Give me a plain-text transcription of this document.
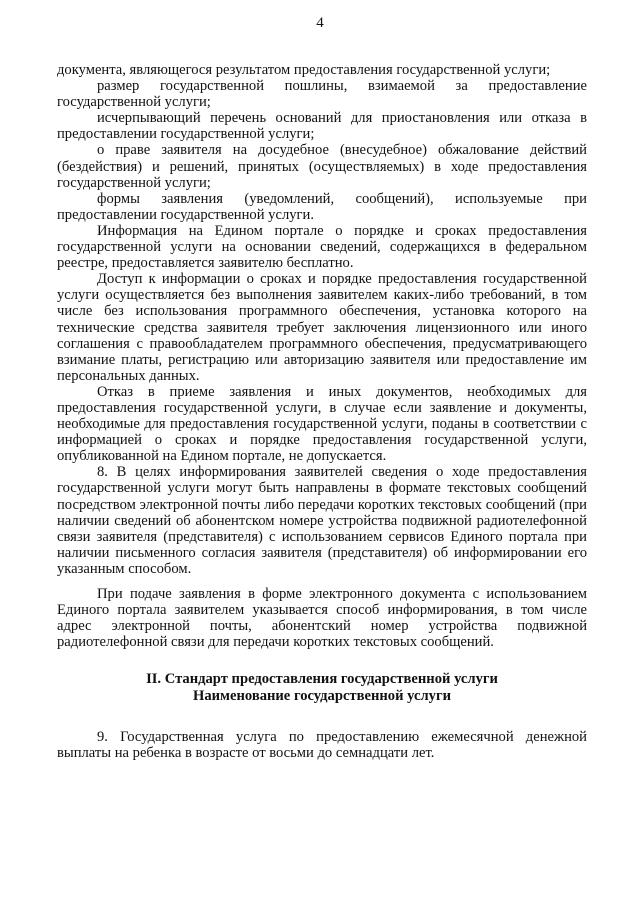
4

документа, являющегося результатом предоставления государственной услуги;

размер государственной пошлины, взимаемой за предоставление государственной услуги;

исчерпывающий перечень оснований для приостановления или отказа в предоставлении государственной услуги;

о праве заявителя на досудебное (внесудебное) обжалование действий (бездействия) и решений, принятых (осуществляемых) в ходе предоставления государственной услуги;

формы заявления (уведомлений, сообщений), используемые при предоставлении государственной услуги.

Информация на Едином портале о порядке и сроках предоставления государственной услуги на основании сведений, содержащихся в федеральном реестре, предоставляется заявителю бесплатно.

Доступ к информации о сроках и порядке предоставления государственной услуги осуществляется без выполнения заявителем каких-либо требований, в том числе без использования программного обеспечения, установка которого на технические средства заявителя требует заключения лицензионного или иного соглашения с правообладателем программного обеспечения, предусматривающего взимание платы, регистрацию или авторизацию заявителя или предоставление им персональных данных.

Отказ в приеме заявления и иных документов, необходимых для предоставления государственной услуги, в случае если заявление и документы, необходимые для предоставления государственной услуги, поданы в соответствии с информацией о сроках и порядке предоставления государственной услуги, опубликованной на Едином портале, не допускается.

8. В целях информирования заявителей сведения о ходе предоставления государственной услуги могут быть направлены в формате текстовых сообщений посредством электронной почты либо передачи коротких текстовых сообщений (при наличии сведений об абонентском номере устройства подвижной радиотелефонной связи заявителя (представителя) с использованием сервисов Единого портала при наличии письменного согласия заявителя (представителя) об информировании его указанным способом.

При подаче заявления в форме электронного документа с использованием Единого портала заявителем указывается способ информирования, в том числе адрес электронной почты, абонентский номер устройства подвижной радиотелефонной связи для передачи коротких текстовых сообщений.

II. Стандарт предоставления государственной услуги
Наименование государственной услуги

9. Государственная услуга по предоставлению ежемесячной денежной выплаты на ребенка в возрасте от восьми до семнадцати лет.
